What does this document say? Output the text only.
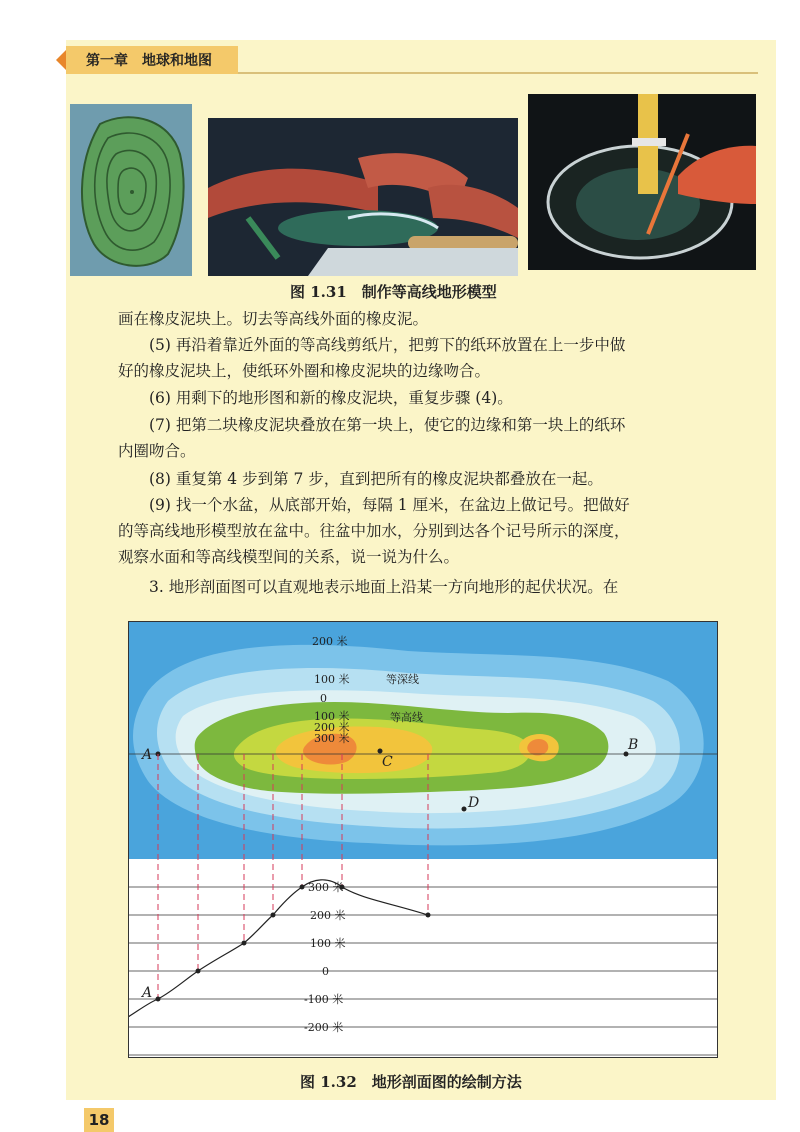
第一章　地球和地图
图 1.31　制作等高线地形模型

画在橡皮泥块上。切去等高线外面的橡皮泥。

(5) 再沿着靠近外面的等高线剪纸片，把剪下的纸环放置在上一步中做

好的橡皮泥块上，使纸环外圈和橡皮泥块的边缘吻合。

(6) 用剩下的地形图和新的橡皮泥块，重复步骤 (4)。

(7) 把第二块橡皮泥块叠放在第一块上，使它的边缘和第一块上的纸环

内圈吻合。

(8) 重复第 4 步到第 7 步，直到把所有的橡皮泥块都叠放在一起。

(9) 找一个水盆，从底部开始，每隔 1 厘米，在盆边上做记号。把做好

的等高线地形模型放在盆中。往盆中加水，分别到达各个记号所示的深度，

观察水面和等高线模型间的关系，说一说为什么。

3. 地形剖面图可以直观地表示地面上沿某一方向地形的起伏状况。在

A
B
C
D
200 米
100 米
0
100 米
200 米
300 米
等深线
等高线
300 米
200 米
100 米
0
-100 米
-200 米
A
图 1.32　地形剖面图的绘制方法
18
